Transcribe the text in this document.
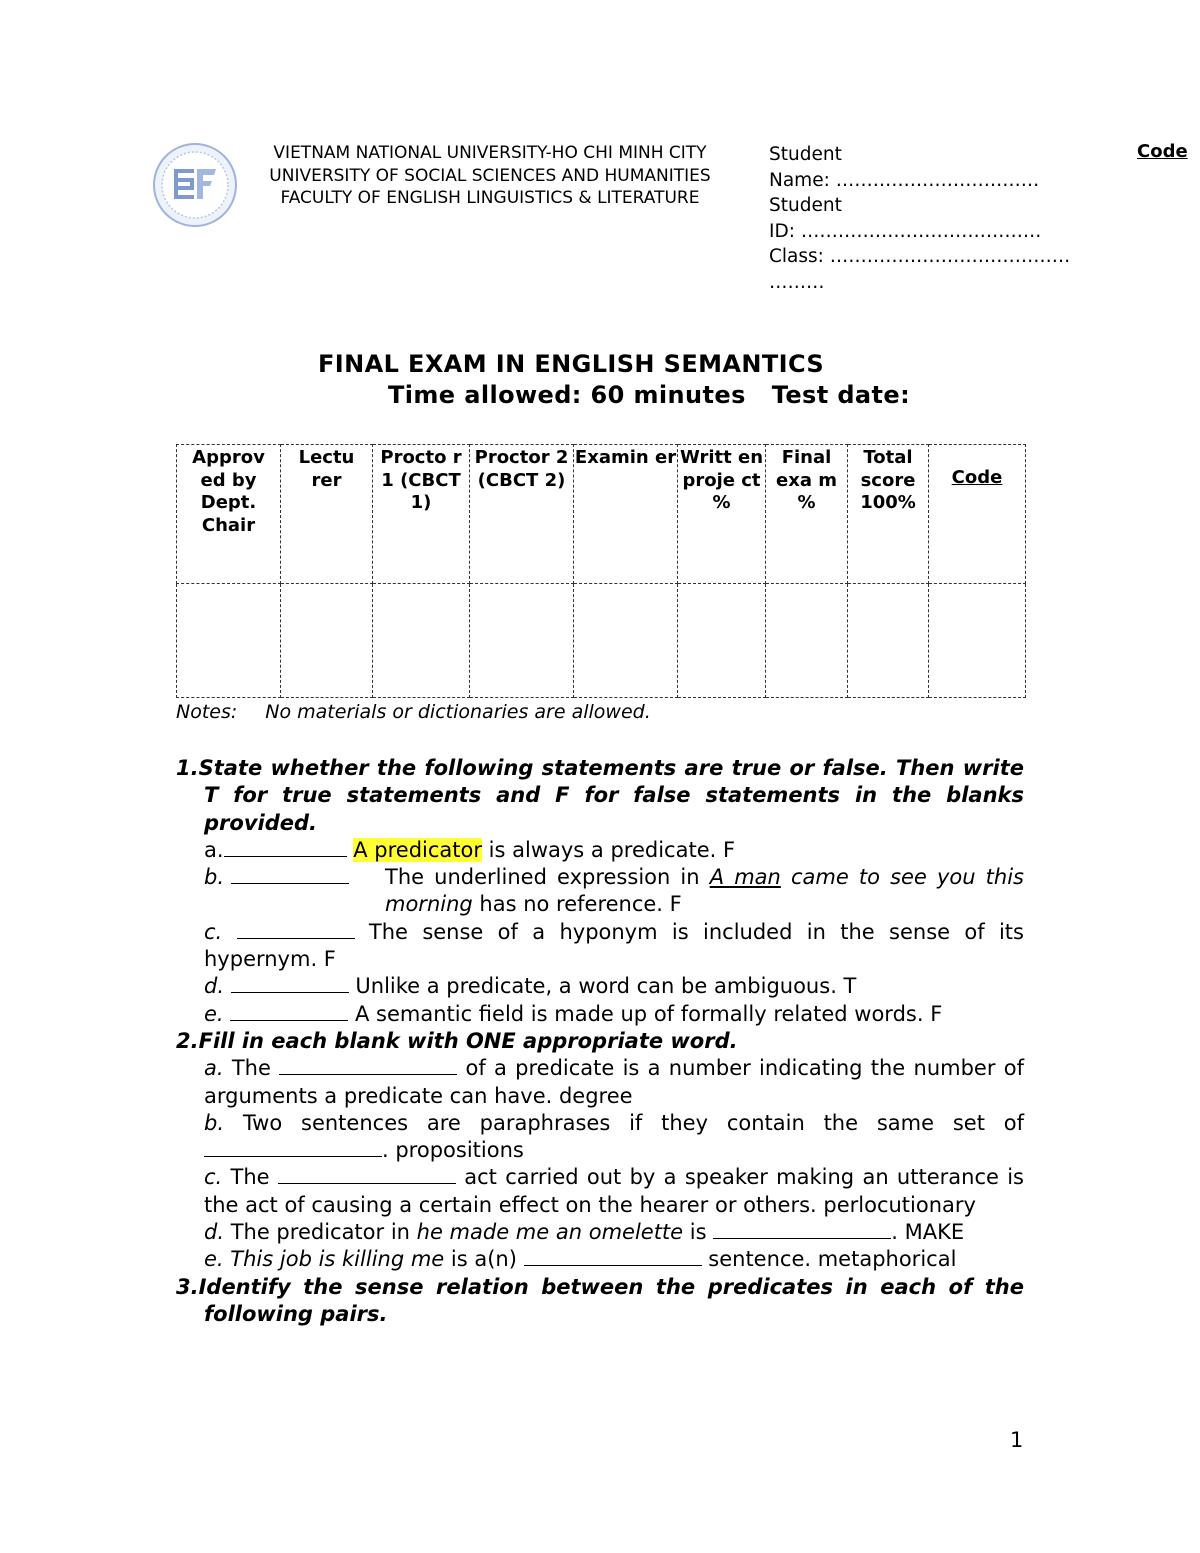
VIETNAM NATIONAL UNIVERSITY-HO CHI MINH CITY
UNIVERSITY OF SOCIAL SCIENCES AND HUMANITIES
FACULTY OF ENGLISH LINGUISTICS & LITERATURE
Student
Name: ……………………………
Student
ID: …………………………………
Class: …………………………………
………
Code
FINAL EXAM IN ENGLISH SEMANTICS
Time allowed: 60 minutes Test date:
Approv ed by Dept. Chair	Lectu rer	Procto r 1 (CBCT 1)	Proctor 2 (CBCT 2)	Examin er	Writt en proje ct %	Final exa m %	Total score 100%	Code

Notes: No materials or dictionaries are allowed.
1.State whether the following statements are true or false. Then write T for true statements and F for false statements in the blanks provided.
a.	A predicator is always a predicate. F
b.	The underlined expression in A man came to see you this morning has no reference. F
c.	The sense of a hyponym is included in the sense of its hypernym. F
d.	Unlike a predicate, a word can be ambiguous. T
e.	A semantic field is made up of formally related words. F
2.Fill in each blank with ONE appropriate word.
a. The	of a predicate is a number indicating the number of arguments a predicate can have. degree
b. Two sentences are paraphrases if they contain the same set of . propositions
c. The	act carried out by a speaker making an utterance is the act of causing a certain effect on the hearer or others. perlocutionary
d. The predicator in he made me an omelette is	. MAKE
e. This job is killing me is a(n)	sentence. metaphorical
3.Identify the sense relation between the predicates in each of the following pairs.
1
